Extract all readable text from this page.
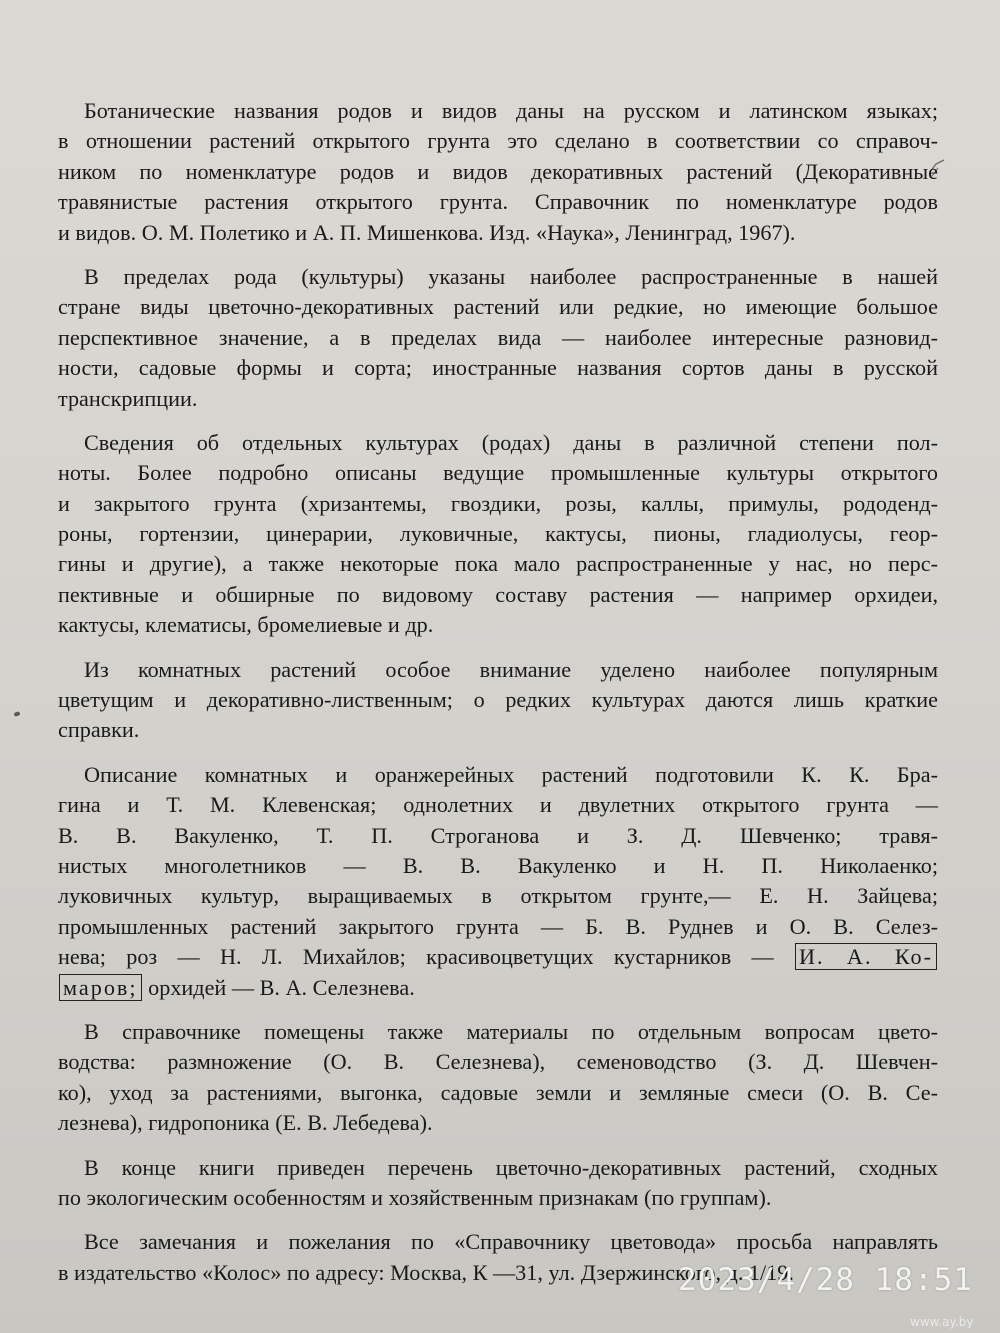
Ботанические названия родов и видов даны на русском и латинском языках;
в отношении растений открытого грунта это сделано в соответствии со справоч-
ником по номенклатуре родов и видов декоративных растений (Декоративные
травянистые растения открытого грунта. Справочник по номенклатуре родов
и видов. О. М. Полетико и А. П. Мишенкова. Изд. «Наука», Ленинград, 1967).
В пределах рода (культуры) указаны наиболее распространенные в нашей
стране виды цветочно-декоративных растений или редкие, но имеющие большое
перспективное значение, а в пределах вида — наиболее интересные разновид-
ности, садовые формы и сорта; иностранные названия сортов даны в русской
транскрипции.
Сведения об отдельных культурах (родах) даны в различной степени пол-
ноты. Более подробно описаны ведущие промышленные культуры открытого
и закрытого грунта (хризантемы, гвоздики, розы, каллы, примулы, рододенд-
роны, гортензии, цинерарии, луковичные, кактусы, пионы, гладиолусы, геор-
гины и другие), а также некоторые пока мало распространенные у нас, но перс-
пективные и обширные по видовому составу растения — например орхидеи,
кактусы, клематисы, бромелиевые и др.
Из комнатных растений особое внимание уделено наиболее популярным
цветущим и декоративно-лиственным; о редких культурах даются лишь краткие
справки.
Описание комнатных и оранжерейных растений подготовили К. К. Бра-
гина и Т. М. Клевенская; однолетних и двулетних открытого грунта —
В. В. Вакуленко, Т. П. Строганова и З. Д. Шевченко; травя-
нистых многолетников — В. В. Вакуленко и Н. П. Николаенко;
луковичных культур, выращиваемых в открытом грунте,— Е. Н. Зайцева;
промышленных растений закрытого грунта — Б. В. Руднев и О. В. Селез-
нева; роз — Н. Л. Михайлов; красивоцветущих кустарников — И. А. Ко-
маров; орхидей — В. А. Селезнева.
В справочнике помещены также материалы по отдельным вопросам цвето-
водства: размножение (О. В. Селезнева), семеноводство (З. Д. Шевчен-
ко), уход за растениями, выгонка, садовые земли и земляные смеси (О. В. Се-
лезнева), гидропоника (Е. В. Лебедева).
В конце книги приведен перечень цветочно-декоративных растений, сходных
по экологическим особенностям и хозяйственным признакам (по группам).
Все замечания и пожелания по «Справочнику цветовода» просьба направлять
в издательство «Колос» по адресу: Москва, К —31, ул. Дзержинского, д. 1/19.
2023/4/28 18:51
www.ay.by
